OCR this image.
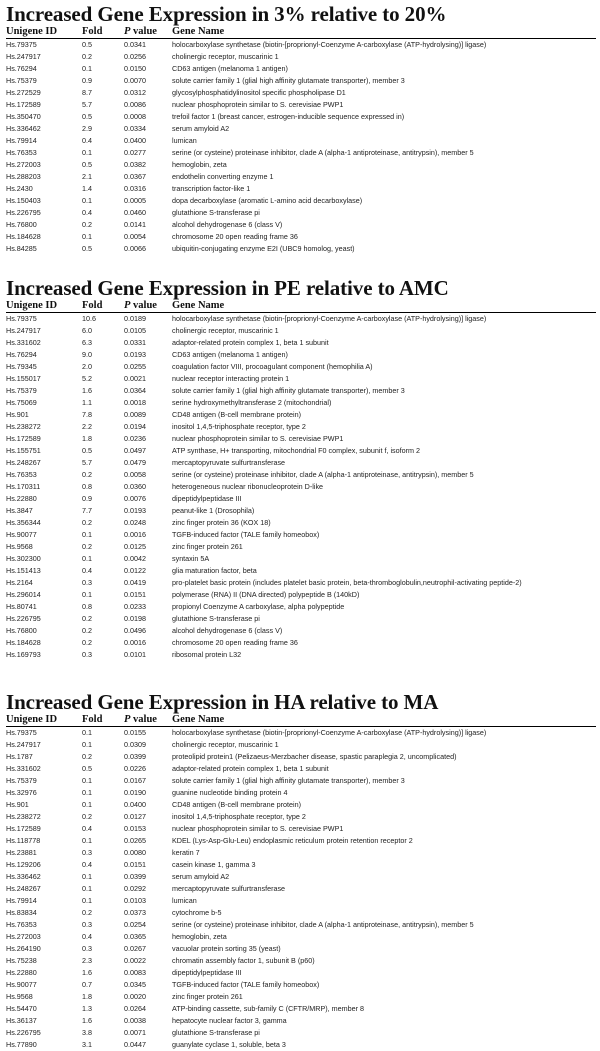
Increased Gene Expression in 3% relative to 20%
Unigene ID	Fold	P value	Gene Name
Hs.79375	0.5	0.0341	holocarboxylase synthetase (biotin-[proprionyl-Coenzyme A-carboxylase (ATP-hydrolysing)] ligase)
Hs.247917	0.2	0.0256	cholinergic receptor, muscarinic 1
Hs.76294	0.1	0.0150	CD63 antigen (melanoma 1 antigen)
Hs.75379	0.9	0.0070	solute carrier family 1 (glial high affinity glutamate transporter), member 3
Hs.272529	8.7	0.0312	glycosylphosphatidylinositol specific phospholipase D1
Hs.172589	5.7	0.0086	nuclear phosphoprotein similar to S. cerevisiae PWP1
Hs.350470	0.5	0.0008	trefoil factor 1 (breast cancer, estrogen-inducible sequence expressed in)
Hs.336462	2.9	0.0334	serum amyloid A2
Hs.79914	0.4	0.0400	lumican
Hs.76353	0.1	0.0277	serine (or cysteine) proteinase inhibitor, clade A (alpha-1 antiproteinase, antitrypsin), member 5
Hs.272003	0.5	0.0382	hemoglobin, zeta
Hs.288203	2.1	0.0367	endothelin converting enzyme 1
Hs.2430	1.4	0.0316	transcription factor-like 1
Hs.150403	0.1	0.0005	dopa decarboxylase (aromatic L-amino acid decarboxylase)
Hs.226795	0.4	0.0460	glutathione S-transferase pi
Hs.76800	0.2	0.0141	alcohol dehydrogenase 6 (class V)
Hs.184628	0.1	0.0054	chromosome 20 open reading frame 36
Hs.84285	0.5	0.0066	ubiquitin-conjugating enzyme E2I (UBC9 homolog, yeast)
Increased Gene Expression in PE relative to AMC
Unigene ID	Fold	P value	Gene Name
Hs.79375	10.6	0.0189	holocarboxylase synthetase (biotin-[proprionyl-Coenzyme A-carboxylase (ATP-hydrolysing)] ligase)
Hs.247917	6.0	0.0105	cholinergic receptor, muscarinic 1
Hs.331602	6.3	0.0331	adaptor-related protein complex 1, beta 1 subunit
Hs.76294	9.0	0.0193	CD63 antigen (melanoma 1 antigen)
Hs.79345	2.0	0.0255	coagulation factor VIII, procoagulant component (hemophilia A)
Hs.155017	5.2	0.0021	nuclear receptor interacting protein 1
Hs.75379	1.6	0.0364	solute carrier family 1 (glial high affinity glutamate transporter), member 3
Hs.75069	1.1	0.0018	serine hydroxymethyltransferase 2 (mitochondrial)
Hs.901	7.8	0.0089	CD48 antigen (B-cell membrane protein)
Hs.238272	2.2	0.0194	inositol 1,4,5-triphosphate receptor, type 2
Hs.172589	1.8	0.0236	nuclear phosphoprotein similar to S. cerevisiae PWP1
Hs.155751	0.5	0.0497	ATP synthase, H+ transporting, mitochondrial F0 complex, subunit f, isoform 2
Hs.248267	5.7	0.0479	mercaptopyruvate sulfurtransferase
Hs.76353	0.2	0.0058	serine (or cysteine) proteinase inhibitor, clade A (alpha-1 antiproteinase, antitrypsin), member 5
Hs.170311	0.8	0.0360	heterogeneous nuclear ribonucleoprotein D-like
Hs.22880	0.9	0.0076	dipeptidylpeptidase III
Hs.3847	7.7	0.0193	peanut-like 1 (Drosophila)
Hs.356344	0.2	0.0248	zinc finger protein 36 (KOX 18)
Hs.90077	0.1	0.0016	TGFB-induced factor (TALE family homeobox)
Hs.9568	0.2	0.0125	zinc finger protein 261
Hs.302300	0.1	0.0042	syntaxin 5A
Hs.151413	0.4	0.0122	glia maturation factor, beta
Hs.2164	0.3	0.0419	pro-platelet basic protein (includes platelet basic protein, beta-thromboglobulin,neutrophil-activating peptide-2)
Hs.296014	0.1	0.0151	polymerase (RNA) II (DNA directed) polypeptide B (140kD)
Hs.80741	0.8	0.0233	propionyl Coenzyme A carboxylase, alpha polypeptide
Hs.226795	0.2	0.0198	glutathione S-transferase pi
Hs.76800	0.2	0.0496	alcohol dehydrogenase 6 (class V)
Hs.184628	0.2	0.0016	chromosome 20 open reading frame 36
Hs.169793	0.3	0.0101	ribosomal protein L32
Increased Gene Expression in HA relative to MA
Unigene ID	Fold	P value	Gene Name
Hs.79375	0.1	0.0155	holocarboxylase synthetase (biotin-[proprionyl-Coenzyme A-carboxylase (ATP-hydrolysing)] ligase)
Hs.247917	0.1	0.0309	cholinergic receptor, muscarinic 1
Hs.1787	0.2	0.0399	proteolipid protein1 (Pelizaeus-Merzbacher disease, spastic paraplegia 2, uncomplicated)
Hs.331602	0.5	0.0226	adaptor-related protein complex 1, beta 1 subunit
Hs.75379	0.1	0.0167	solute carrier family 1 (glial high affinity glutamate transporter), member 3
Hs.32976	0.1	0.0190	guanine nucleotide binding protein 4
Hs.901	0.1	0.0400	CD48 antigen (B-cell membrane protein)
Hs.238272	0.2	0.0127	inositol 1,4,5-triphosphate receptor, type 2
Hs.172589	0.4	0.0153	nuclear phosphoprotein similar to S. cerevisiae PWP1
Hs.118778	0.1	0.0265	KDEL (Lys-Asp-Glu-Leu) endoplasmic reticulum protein retention receptor 2
Hs.23881	0.3	0.0080	keratin 7
Hs.129206	0.4	0.0151	casein kinase 1, gamma 3
Hs.336462	0.1	0.0399	serum amyloid A2
Hs.248267	0.1	0.0292	mercaptopyruvate sulfurtransferase
Hs.79914	0.1	0.0103	lumican
Hs.83834	0.2	0.0373	cytochrome b-5
Hs.76353	0.3	0.0254	serine (or cysteine) proteinase inhibitor, clade A (alpha-1 antiproteinase, antitrypsin), member 5
Hs.272003	0.4	0.0365	hemoglobin, zeta
Hs.264190	0.3	0.0267	vacuolar protein sorting 35 (yeast)
Hs.75238	2.3	0.0022	chromatin assembly factor 1, subunit B (p60)
Hs.22880	1.6	0.0083	dipeptidylpeptidase III
Hs.90077	0.7	0.0345	TGFB-induced factor (TALE family homeobox)
Hs.9568	1.8	0.0020	zinc finger protein 261
Hs.54470	1.3	0.0264	ATP-binding cassette, sub-family C (CFTR/MRP), member 8
Hs.36137	1.6	0.0038	hepatocyte nuclear factor 3, gamma
Hs.226795	3.8	0.0071	glutathione S-transferase pi
Hs.77890	3.1	0.0447	guanylate cyclase 1, soluble, beta 3
